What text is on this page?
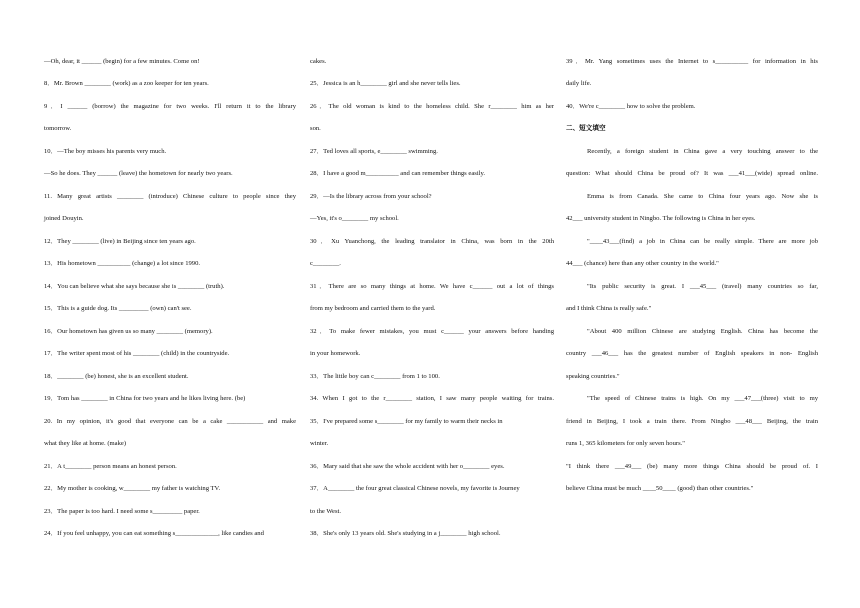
—Oh, dear, it ______ (begin) for a few minutes. Come on!
8．Mr. Brown ________ (work) as a zoo keeper for ten years.
9．I ______ (borrow) the magazine for two weeks. I'll return it to the library
tomorrow.
10．—The boy misses his parents very much.
—So he does. They ______ (leave) the hometown for nearly two years.
11. Many great artists ________ (introduce) Chinese culture to people since they
joined Douyin.
12．They ________ (live) in Beijing since ten years ago.
13．His hometown __________ (change) a lot since 1990.
14．You can believe what she says because she is ________ (truth).
15．This is a guide dog. Its _________ (own) can't see.
16．Our hometown has given us so many ________ (memory).
17．The writer spent most of his ________ (child) in the countryside.
18．________ (be) honest, she is an excellent student.
19．Tom has ________ in China for two years and he likes living here. (be)
20. In my opinion, it's good that everyone can be a cake ___________ and make
what they like at home. (make)
21．A t________ person means an honest person.
22．My mother is cooking, w________ my father is watching TV.
23．The paper is too hard. I need some s_________ paper.
24．If you feel unhappy, you can eat something s_____________, like candies and
cakes.
25．Jessica is an h________ girl and she never tells lies.
26．The old woman is kind to the homeless child. She r________ him as her
son.
27．Ted loves all sports, e________ swimming.
28．I have a good m__________ and can remember things easily.
29．—Is the library across from your school?
—Yes, it's o________ my school.
30．Xu Yuanchong, the leading translator in China, was born in the 20th
c________.
31．There are so many things at home. We have c______ out a lot of things
from my bedroom and carried them to the yard.
32．To make fewer mistakes, you must c______ your answers before handing
in your homework.
33．The little boy can c________ from 1 to 100.
34. When I got to the r________ station, I saw many people waiting for trains.
35．I've prepared some s________ for my family to warm their necks in
winter.
36．Mary said that she saw the whole accident with her o________ eyes.
37．A________ the four great classical Chinese novels, my favorite is Journey
to the West.
38．She's only 13 years old. She's studying in a j________ high school.
39．Mr. Yang sometimes uses the Internet to s__________ for information in his
daily life.
40．We're c________ how to solve the problem.
二、短文填空
Recently, a foreign student in China gave a very touching answer to the
question: What should China be proud of? It was ___41___(wide) spread online.
Emma is from Canada. She came to China four years ago. Now she is
42___ university student in Ningbo. The following is China in her eyes.
"____43___(find) a job in China can be really simple. There are more job
44___ (chance) here than any other country in the world."
"Its public security is great. I ___45___ (travel) many countries so far,
and I think China is really safe."
"About 400 million Chinese are studying English. China has become the
country ___46___ has the greatest number of English speakers in non- English
speaking countries."
"The speed of Chinese trains is high. On my ___47___(three) visit to my
friend in Beijing, I took a train there. From Ningbo ___48___ Beijing, the train
runs 1, 365 kilometers for only seven hours."
"I think there ___49___ (be) many more things China should be proud of. I
believe China must be much ____50____ (good) than other countries."
